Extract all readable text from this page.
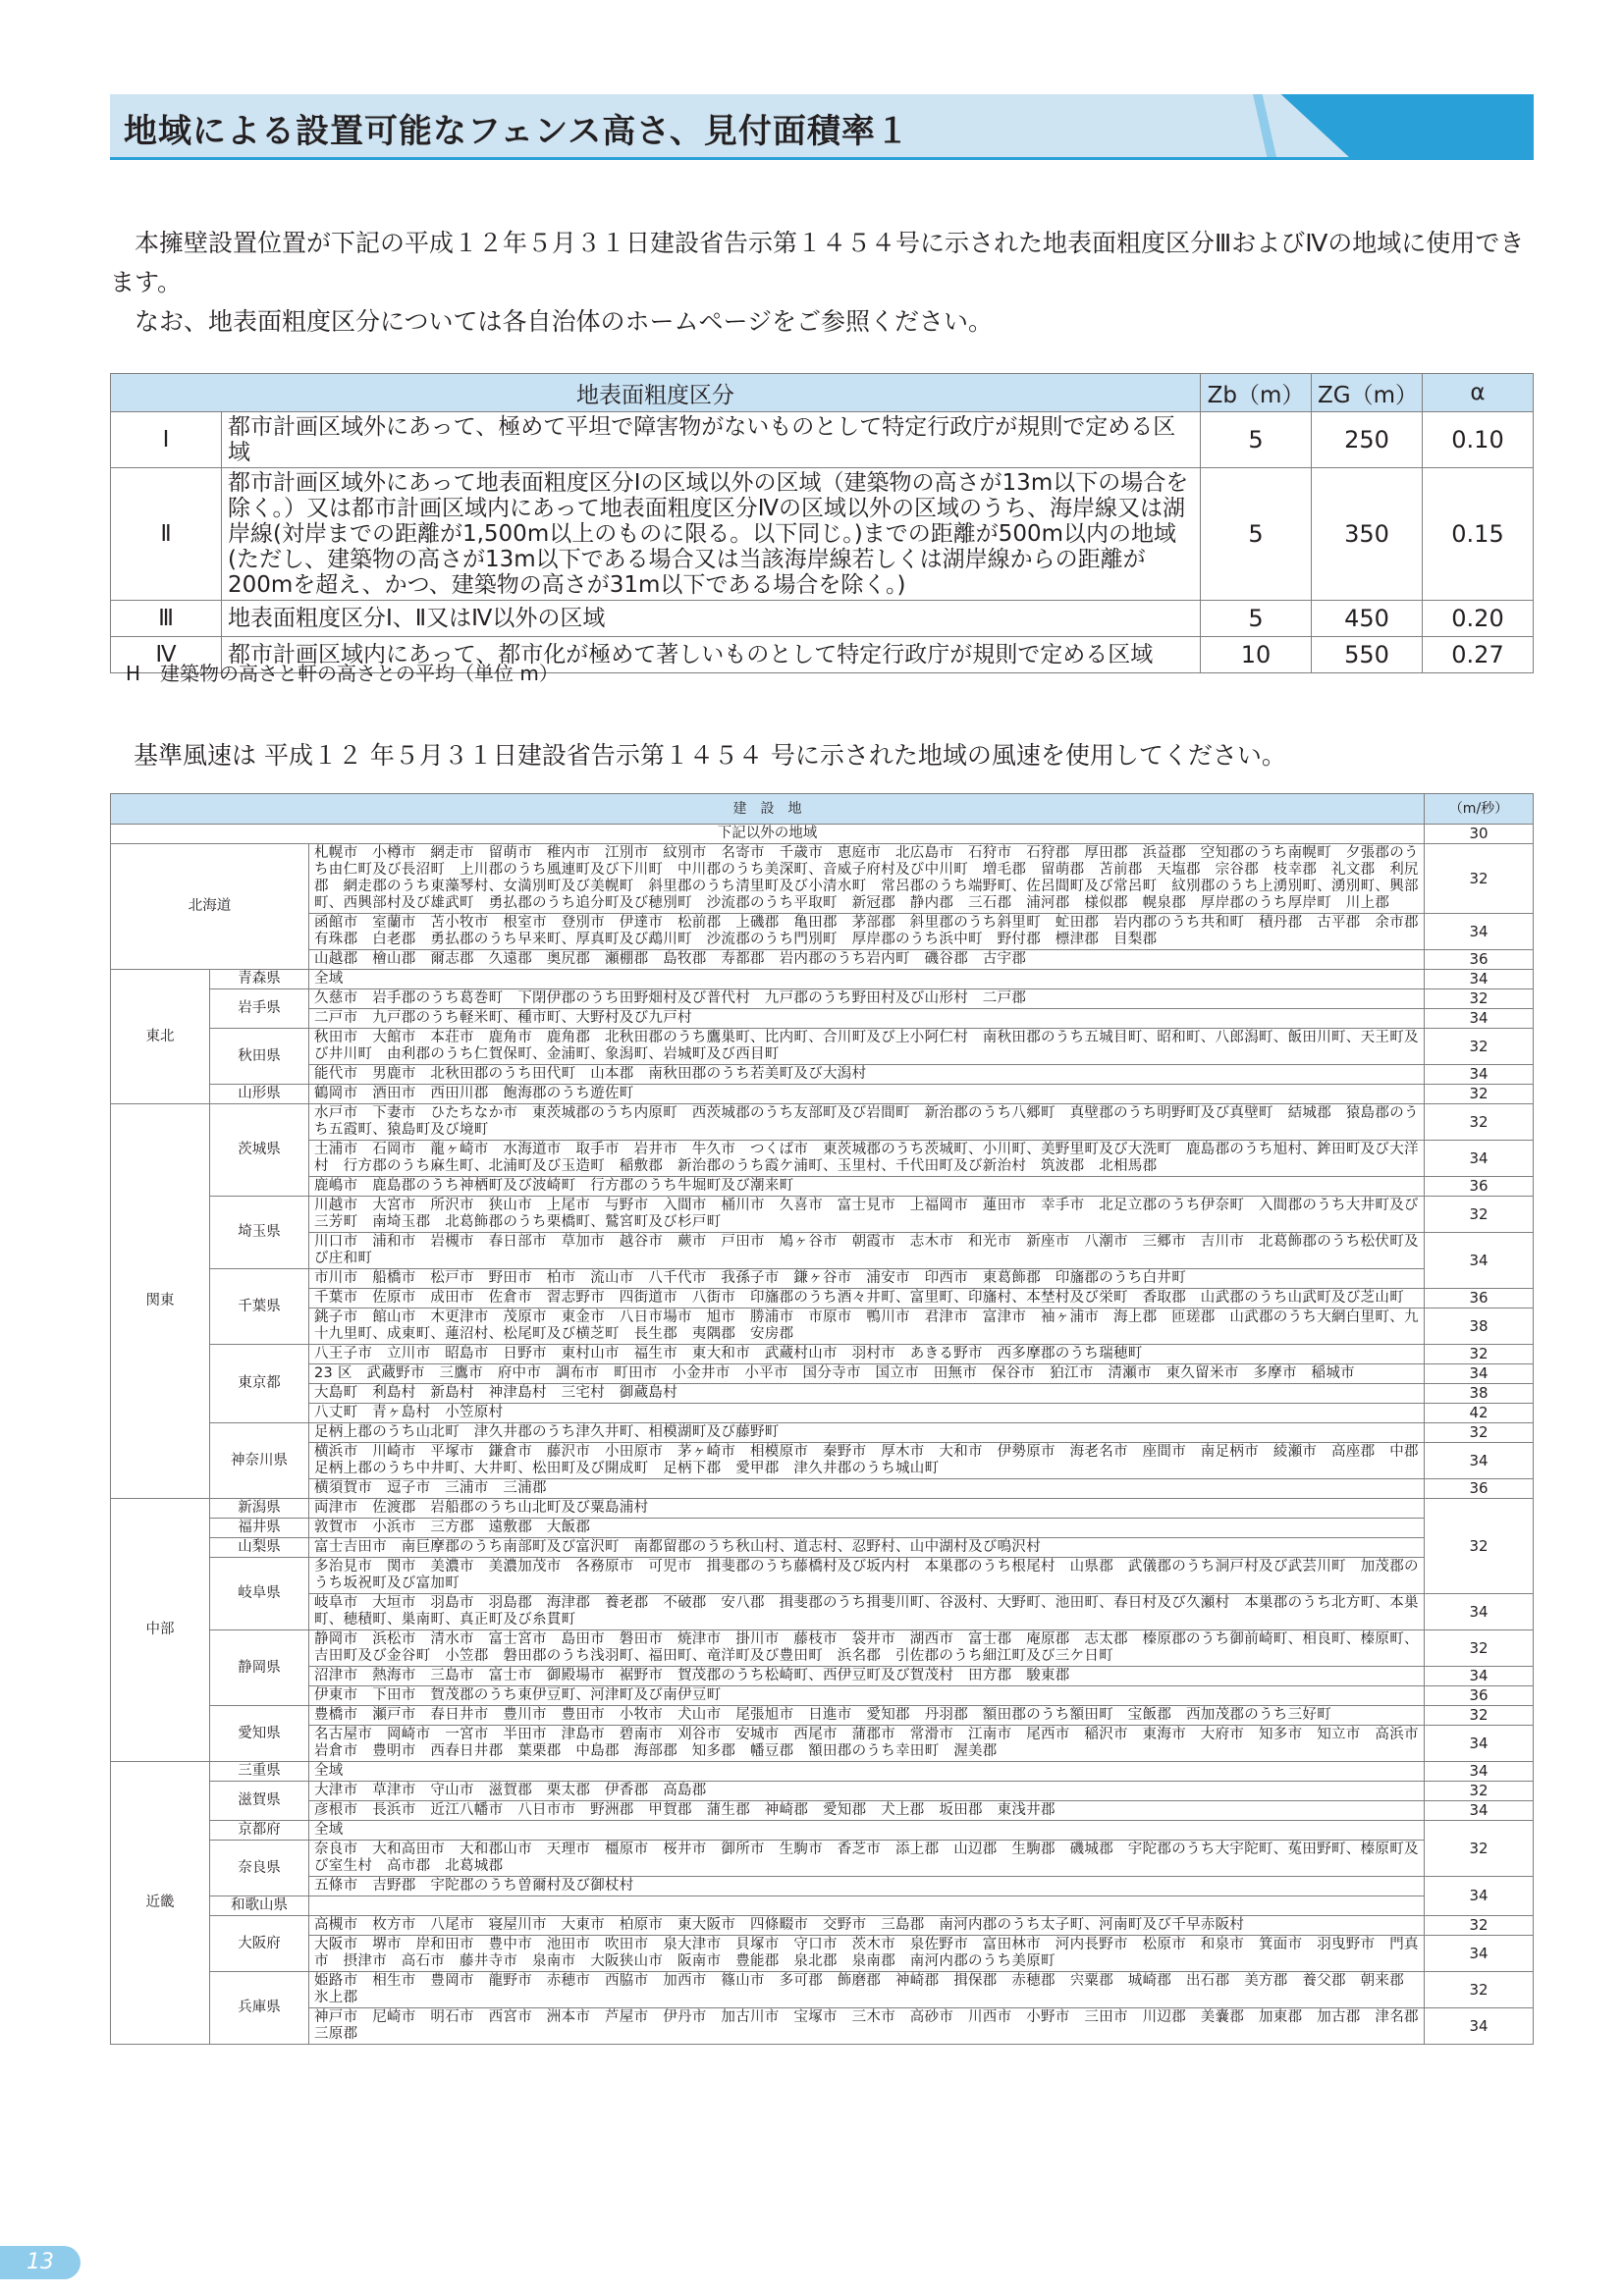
地域による設置可能なフェンス高さ、見付面積率１

本擁壁設置位置が下記の平成１２年５月３１日建設省告示第１４５４号に示された地表面粗度区分ⅢおよびⅣの地域に使用できます。

なお、地表面粗度区分については各自治体のホームページをご参照ください。

地表面粗度区分		Zb（m）	ZG（m）	α
Ⅰ	都市計画区域外にあって、極めて平坦で障害物がないものとして特定行政庁が規則で定める区域	5	250	0.10
Ⅱ	都市計画区域外にあって地表面粗度区分Ⅰの区域以外の区域（建築物の高さが13m以下の場合を除く。）又は都市計画区域内にあって地表面粗度区分Ⅳの区域以外の区域のうち、海岸線又は湖岸線(対岸までの距離が1,500m以上のものに限る。以下同じ。)までの距離が500m以内の地域(ただし、建築物の高さが13m以下である場合又は当該海岸線若しくは湖岸線からの距離が200mを超え、かつ、建築物の高さが31m以下である場合を除く。)	5	350	0.15
Ⅲ	地表面粗度区分Ⅰ、Ⅱ又はⅣ以外の区域	5	450	0.20
Ⅳ	都市計画区域内にあって、都市化が極めて著しいものとして特定行政庁が規則で定める区域	10	550	0.27
H　建築物の高さと軒の高さとの平均（単位 m）
基準風速は 平成１２ 年５月３１日建設省告示第１４５４ 号に示された地域の風速を使用してください。
建　設　地			（m/秒）
下記以外の地域			30
北海道		札幌市　小樽市　網走市　留萌市　稚内市　江別市　紋別市　名寄市　千歳市　恵庭市　北広島市　石狩市　石狩郡　厚田郡　浜益郡　空知郡のうち南幌町　夕張郡のうち由仁町及び長沼町　上川郡のうち風連町及び下川町　中川郡のうち美深町、音威子府村及び中川町　増毛郡　留萌郡　苫前郡　天塩郡　宗谷郡　枝幸郡　礼文郡　利尻郡　網走郡のうち東藻琴村、女満別町及び美幌町　斜里郡のうち清里町及び小清水町　常呂郡のうち端野町、佐呂間町及び常呂町　紋別郡のうち上湧別町、湧別町、興部町、西興部村及び雄武町　勇払郡のうち追分町及び穂別町　沙流郡のうち平取町　新冠郡　静内郡　三石郡　浦河郡　様似郡　幌泉郡　厚岸郡のうち厚岸町　川上郡	32
		函館市　室蘭市　苫小牧市　根室市　登別市　伊達市　松前郡　上磯郡　亀田郡　茅部郡　斜里郡のうち斜里町　虻田郡　岩内郡のうち共和町　積丹郡　古平郡　余市郡　有珠郡　白老郡　勇払郡のうち早来町、厚真町及び鵡川町　沙流郡のうち門別町　厚岸郡のうち浜中町　野付郡　標津郡　目梨郡	34
		山越郡　檜山郡　爾志郡　久遠郡　奥尻郡　瀬棚郡　島牧郡　寿都郡　岩内郡のうち岩内町　磯谷郡　古宇郡	36
東北	青森県	全域	34
	岩手県	久慈市　岩手郡のうち葛巻町　下閉伊郡のうち田野畑村及び普代村　九戸郡のうち野田村及び山形村　二戸郡	32
		二戸市　九戸郡のうち軽米町、種市町、大野村及び九戸村	34
	秋田県	秋田市　大館市　本荘市　鹿角市　鹿角郡　北秋田郡のうち鷹巣町、比内町、合川町及び上小阿仁村　南秋田郡のうち五城目町、昭和町、八郎潟町、飯田川町、天王町及び井川町　由利郡のうち仁賀保町、金浦町、象潟町、岩城町及び西目町	32
		能代市　男鹿市　北秋田郡のうち田代町　山本郡　南秋田郡のうち若美町及び大潟村	34
	山形県	鶴岡市　酒田市　西田川郡　飽海郡のうち遊佐町	32
関東	茨城県	水戸市　下妻市　ひたちなか市　東茨城郡のうち内原町　西茨城郡のうち友部町及び岩間町　新治郡のうち八郷町　真壁郡のうち明野町及び真壁町　結城郡　猿島郡のうち五霞町、猿島町及び境町	32
		土浦市　石岡市　龍ヶ崎市　水海道市　取手市　岩井市　牛久市　つくば市　東茨城郡のうち茨城町、小川町、美野里町及び大洗町　鹿島郡のうち旭村、鉾田町及び大洋村　行方郡のうち麻生町、北浦町及び玉造町　稲敷郡　新治郡のうち霞ケ浦町、玉里村、千代田町及び新治村　筑波郡　北相馬郡	34
		鹿嶋市　鹿島郡のうち神栖町及び波崎町　行方郡のうち牛堀町及び潮来町	36
	埼玉県	川越市　大宮市　所沢市　狭山市　上尾市　与野市　入間市　桶川市　久喜市　富士見市　上福岡市　蓮田市　幸手市　北足立郡のうち伊奈町　入間郡のうち大井町及び三芳町　南埼玉郡　北葛飾郡のうち栗橋町、鷲宮町及び杉戸町	32
		川口市　浦和市　岩槻市　春日部市　草加市　越谷市　蕨市　戸田市　鳩ヶ谷市　朝霞市　志木市　和光市　新座市　八潮市　三郷市　吉川市　北葛飾郡のうち松伏町及び庄和町	34
	千葉県	市川市　船橋市　松戸市　野田市　柏市　流山市　八千代市　我孫子市　鎌ヶ谷市　浦安市　印西市　東葛飾郡　印旛郡のうち白井町	
		千葉市　佐原市　成田市　佐倉市　習志野市　四街道市　八街市　印旛郡のうち酒々井町、富里町、印旛村、本埜村及び栄町　香取郡　山武郡のうち山武町及び芝山町	36
		銚子市　館山市　木更津市　茂原市　東金市　八日市場市　旭市　勝浦市　市原市　鴨川市　君津市　富津市　袖ヶ浦市　海上郡　匝瑳郡　山武郡のうち大網白里町、九十九里町、成東町、蓮沼村、松尾町及び横芝町　長生郡　夷隅郡　安房郡	38
	東京都	八王子市　立川市　昭島市　日野市　東村山市　福生市　東大和市　武蔵村山市　羽村市　あきる野市　西多摩郡のうち瑞穂町	32
		23 区　武蔵野市　三鷹市　府中市　調布市　町田市　小金井市　小平市　国分寺市　国立市　田無市　保谷市　狛江市　清瀬市　東久留米市　多摩市　稲城市	34
		大島町　利島村　新島村　神津島村　三宅村　御蔵島村	38
		八丈町　青ヶ島村　小笠原村	42
	神奈川県	足柄上郡のうち山北町　津久井郡のうち津久井町、相模湖町及び藤野町	32
		横浜市　川崎市　平塚市　鎌倉市　藤沢市　小田原市　茅ヶ崎市　相模原市　秦野市　厚木市　大和市　伊勢原市　海老名市　座間市　南足柄市　綾瀬市　高座郡　中郡　足柄上郡のうち中井町、大井町、松田町及び開成町　足柄下郡　愛甲郡　津久井郡のうち城山町	34
		横須賀市　逗子市　三浦市　三浦郡	36
中部	新潟県	両津市　佐渡郡　岩船郡のうち山北町及び粟島浦村	32
	福井県	敦賀市　小浜市　三方郡　遠敷郡　大飯郡	
	山梨県	富士吉田市　南巨摩郡のうち南部町及び富沢町　南都留郡のうち秋山村、道志村、忍野村、山中湖村及び鳴沢村	
	岐阜県	多治見市　関市　美濃市　美濃加茂市　各務原市　可児市　揖斐郡のうち藤橋村及び坂内村　本巣郡のうち根尾村　山県郡　武儀郡のうち洞戸村及び武芸川町　加茂郡のうち坂祝町及び富加町	
		岐阜市　大垣市　羽島市　羽島郡　海津郡　養老郡　不破郡　安八郡　揖斐郡のうち揖斐川町、谷汲村、大野町、池田町、春日村及び久瀬村　本巣郡のうち北方町、本巣町、穂積町、巣南町、真正町及び糸貫町	34
	静岡県	静岡市　浜松市　清水市　富士宮市　島田市　磐田市　焼津市　掛川市　藤枝市　袋井市　湖西市　富士郡　庵原郡　志太郡　榛原郡のうち御前崎町、相良町、榛原町、吉田町及び金谷町　小笠郡　磐田郡のうち浅羽町、福田町、竜洋町及び豊田町　浜名郡　引佐郡のうち細江町及び三ケ日町	32
		沼津市　熱海市　三島市　富士市　御殿場市　裾野市　賀茂郡のうち松崎町、西伊豆町及び賀茂村　田方郡　駿東郡	34
		伊東市　下田市　賀茂郡のうち東伊豆町、河津町及び南伊豆町	36
	愛知県	豊橋市　瀬戸市　春日井市　豊川市　豊田市　小牧市　犬山市　尾張旭市　日進市　愛知郡　丹羽郡　額田郡のうち額田町　宝飯郡　西加茂郡のうち三好町	32
		名古屋市　岡崎市　一宮市　半田市　津島市　碧南市　刈谷市　安城市　西尾市　蒲郡市　常滑市　江南市　尾西市　稲沢市　東海市　大府市　知多市　知立市　高浜市　岩倉市　豊明市　西春日井郡　葉栗郡　中島郡　海部郡　知多郡　幡豆郡　額田郡のうち幸田町　渥美郡	34

近畿	三重県	全域	34
	滋賀県	大津市　草津市　守山市　滋賀郡　栗太郡　伊香郡　高島郡	32
		彦根市　長浜市　近江八幡市　八日市市　野洲郡　甲賀郡　蒲生郡　神崎郡　愛知郡　犬上郡　坂田郡　東浅井郡	34
	京都府	全域	32
	奈良県	奈良市　大和高田市　大和郡山市　天理市　橿原市　桜井市　御所市　生駒市　香芝市　添上郡　山辺郡　生駒郡　磯城郡　宇陀郡のうち大宇陀町、菟田野町、榛原町及び室生村　高市郡　北葛城郡	
		五條市　吉野郡　宇陀郡のうち曽爾村及び御杖村	34
	和歌山県		
	大阪府	高槻市　枚方市　八尾市　寝屋川市　大東市　柏原市　東大阪市　四條畷市　交野市　三島郡　南河内郡のうち太子町、河南町及び千早赤阪村	32
		大阪市　堺市　岸和田市　豊中市　池田市　吹田市　泉大津市　貝塚市　守口市　茨木市　泉佐野市　富田林市　河内長野市　松原市　和泉市　箕面市　羽曳野市　門真市　摂津市　高石市　藤井寺市　泉南市　大阪狭山市　阪南市　豊能郡　泉北郡　泉南郡　南河内郡のうち美原町	34
	兵庫県	姫路市　相生市　豊岡市　龍野市　赤穂市　西脇市　加西市　篠山市　多可郡　飾磨郡　神崎郡　揖保郡　赤穂郡　宍粟郡　城崎郡　出石郡　美方郡　養父郡　朝来郡　氷上郡	32
		神戸市　尼崎市　明石市　西宮市　洲本市　芦屋市　伊丹市　加古川市　宝塚市　三木市　高砂市　川西市　小野市　三田市　川辺郡　美嚢郡　加東郡　加古郡　津名郡　三原郡	34
13
